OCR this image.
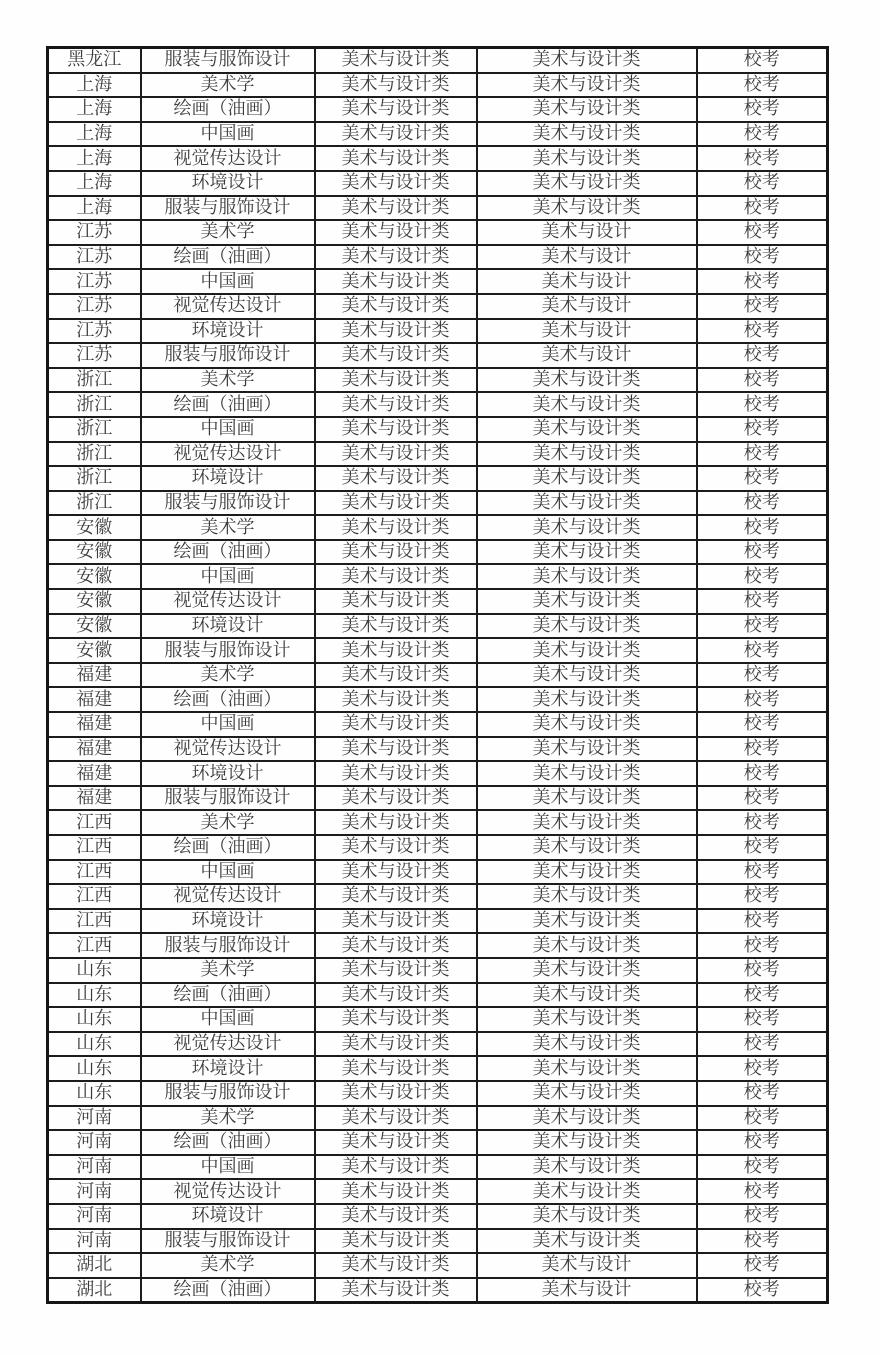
黑龙江	服装与服饰设计	美术与设计类	美术与设计类	校考
上海	美术学	美术与设计类	美术与设计类	校考
上海	绘画（油画）	美术与设计类	美术与设计类	校考
上海	中国画	美术与设计类	美术与设计类	校考
上海	视觉传达设计	美术与设计类	美术与设计类	校考
上海	环境设计	美术与设计类	美术与设计类	校考
上海	服装与服饰设计	美术与设计类	美术与设计类	校考
江苏	美术学	美术与设计类	美术与设计	校考
江苏	绘画（油画）	美术与设计类	美术与设计	校考
江苏	中国画	美术与设计类	美术与设计	校考
江苏	视觉传达设计	美术与设计类	美术与设计	校考
江苏	环境设计	美术与设计类	美术与设计	校考
江苏	服装与服饰设计	美术与设计类	美术与设计	校考
浙江	美术学	美术与设计类	美术与设计类	校考
浙江	绘画（油画）	美术与设计类	美术与设计类	校考
浙江	中国画	美术与设计类	美术与设计类	校考
浙江	视觉传达设计	美术与设计类	美术与设计类	校考
浙江	环境设计	美术与设计类	美术与设计类	校考
浙江	服装与服饰设计	美术与设计类	美术与设计类	校考
安徽	美术学	美术与设计类	美术与设计类	校考
安徽	绘画（油画）	美术与设计类	美术与设计类	校考
安徽	中国画	美术与设计类	美术与设计类	校考
安徽	视觉传达设计	美术与设计类	美术与设计类	校考
安徽	环境设计	美术与设计类	美术与设计类	校考
安徽	服装与服饰设计	美术与设计类	美术与设计类	校考
福建	美术学	美术与设计类	美术与设计类	校考
福建	绘画（油画）	美术与设计类	美术与设计类	校考
福建	中国画	美术与设计类	美术与设计类	校考
福建	视觉传达设计	美术与设计类	美术与设计类	校考
福建	环境设计	美术与设计类	美术与设计类	校考
福建	服装与服饰设计	美术与设计类	美术与设计类	校考
江西	美术学	美术与设计类	美术与设计类	校考
江西	绘画（油画）	美术与设计类	美术与设计类	校考
江西	中国画	美术与设计类	美术与设计类	校考
江西	视觉传达设计	美术与设计类	美术与设计类	校考
江西	环境设计	美术与设计类	美术与设计类	校考
江西	服装与服饰设计	美术与设计类	美术与设计类	校考
山东	美术学	美术与设计类	美术与设计类	校考
山东	绘画（油画）	美术与设计类	美术与设计类	校考
山东	中国画	美术与设计类	美术与设计类	校考
山东	视觉传达设计	美术与设计类	美术与设计类	校考
山东	环境设计	美术与设计类	美术与设计类	校考
山东	服装与服饰设计	美术与设计类	美术与设计类	校考
河南	美术学	美术与设计类	美术与设计类	校考
河南	绘画（油画）	美术与设计类	美术与设计类	校考
河南	中国画	美术与设计类	美术与设计类	校考
河南	视觉传达设计	美术与设计类	美术与设计类	校考
河南	环境设计	美术与设计类	美术与设计类	校考
河南	服装与服饰设计	美术与设计类	美术与设计类	校考
湖北	美术学	美术与设计类	美术与设计	校考
湖北	绘画（油画）	美术与设计类	美术与设计	校考
